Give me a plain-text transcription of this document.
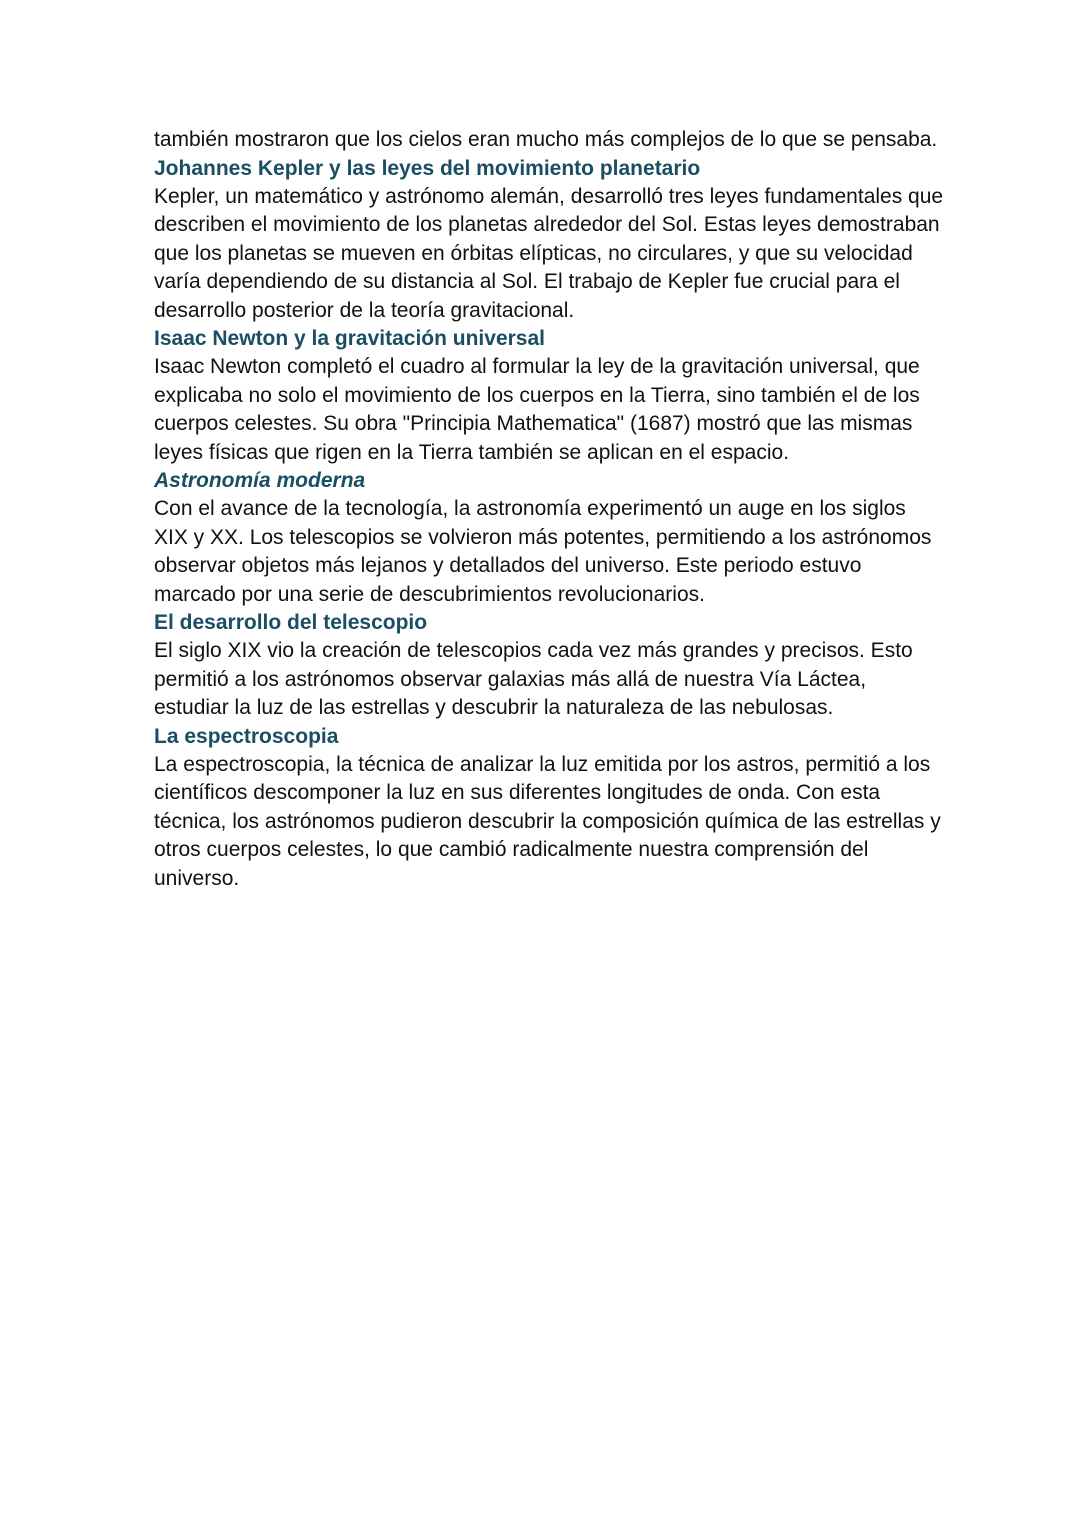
también mostraron que los cielos eran mucho más complejos de lo que se pensaba.

Johannes Kepler y las leyes del movimiento planetario

Kepler, un matemático y astrónomo alemán, desarrolló tres leyes fundamentales que describen el movimiento de los planetas alrededor del Sol. Estas leyes demostraban que los planetas se mueven en órbitas elípticas, no circulares, y que su velocidad varía dependiendo de su distancia al Sol. El trabajo de Kepler fue crucial para el desarrollo posterior de la teoría gravitacional.

Isaac Newton y la gravitación universal

Isaac Newton completó el cuadro al formular la ley de la gravitación universal, que explicaba no solo el movimiento de los cuerpos en la Tierra, sino también el de los cuerpos celestes. Su obra "Principia Mathematica" (1687) mostró que las mismas leyes físicas que rigen en la Tierra también se aplican en el espacio.

Astronomía moderna

Con el avance de la tecnología, la astronomía experimentó un auge en los siglos XIX y XX. Los telescopios se volvieron más potentes, permitiendo a los astrónomos observar objetos más lejanos y detallados del universo. Este periodo estuvo marcado por una serie de descubrimientos revolucionarios.

El desarrollo del telescopio

El siglo XIX vio la creación de telescopios cada vez más grandes y precisos. Esto permitió a los astrónomos observar galaxias más allá de nuestra Vía Láctea, estudiar la luz de las estrellas y descubrir la naturaleza de las nebulosas.

La espectroscopia

La espectroscopia, la técnica de analizar la luz emitida por los astros, permitió a los científicos descomponer la luz en sus diferentes longitudes de onda. Con esta técnica, los astrónomos pudieron descubrir la composición química de las estrellas y otros cuerpos celestes, lo que cambió radicalmente nuestra comprensión del universo.
